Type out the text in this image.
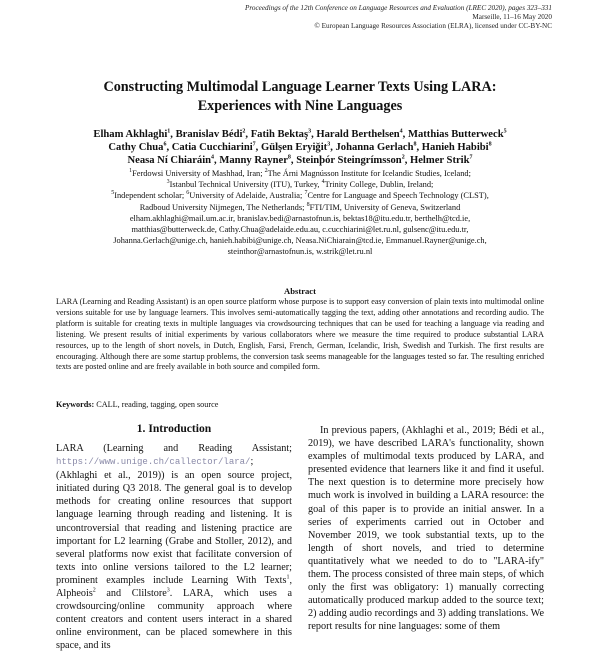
Proceedings of the 12th Conference on Language Resources and Evaluation (LREC 2020), pages 323–331
Marseille, 11–16 May 2020
© European Language Resources Association (ELRA), licensed under CC-BY-NC
Constructing Multimodal Language Learner Texts Using LARA:
Experiences with Nine Languages
Elham Akhlaghi$^1$, Branislav Bédi$^2$, Fatih Bektaş$^3$, Harald Berthelsen$^4$, Matthias Butterweck$^5$
Cathy Chua$^6$, Catia Cucchiarini$^7$, Gülşen Eryiğit$^3$, Johanna Gerlach$^8$, Hanieh Habibi$^8$
Neasa Ní Chiaráin$^4$, Manny Rayner$^8$, Steinþór Steingrímsson$^2$, Helmer Strik$^7$
$^1$Ferdowsi University of Mashhad, Iran; $^2$The Árni Magnússon Institute for Icelandic Studies, Iceland;
$^3$Istanbul Technical University (ITU), Turkey, $^4$Trinity College, Dublin, Ireland;
$^5$Independent scholar; $^6$University of Adelaide, Australia; $^7$Centre for Language and Speech Technology (CLST),
Radboud University Nijmegen, The Netherlands; $^8$FTI/TIM, University of Geneva, Switzerland
elham.akhlaghi@mail.um.ac.ir, branislav.bedi@arnastofnun.is, bektas18@itu.edu.tr, berthelh@tcd.ie,
matthias@butterweck.de, Cathy.Chua@adelaide.edu.au, c.cucchiarini@let.ru.nl, gulsenc@itu.edu.tr,
Johanna.Gerlach@unige.ch, hanieh.habibi@unige.ch, Neasa.NiChiarain@tcd.ie, Emmanuel.Rayner@unige.ch,
steinthor@arnastofnun.is, w.strik@let.ru.nl
Abstract
LARA (Learning and Reading Assistant) is an open source platform whose purpose is to support easy conversion of plain texts into multimodal online versions suitable for use by language learners. This involves semi-automatically tagging the text, adding other annotations and recording audio. The platform is suitable for creating texts in multiple languages via crowdsourcing techniques that can be used for teaching a language via reading and listening. We present results of initial experiments by various collaborators where we measure the time required to produce substantial LARA resources, up to the length of short novels, in Dutch, English, Farsi, French, German, Icelandic, Irish, Swedish and Turkish. The first results are encouraging. Although there are some startup problems, the conversion task seems manageable for the languages tested so far. The resulting enriched texts are posted online and are freely available in both source and compiled form.
Keywords: CALL, reading, tagging, open source
1. Introduction

LARA (Learning and Reading Assistant; https://www.unige.ch/callector/lara/; (Akhlaghi et al., 2019)) is an open source project, initiated during Q3 2018. The general goal is to develop methods for creating online resources that support language learning through reading and listening. It is uncontroversial that reading and listening practice are important for L2 learning (Grabe and Stoller, 2012), and several platforms now exist that facilitate conversion of texts into online versions tailored to the L2 learner; prominent examples include Learning With Texts$^1$, Alpheois$^2$ and Clilstore$^3$. LARA, which uses a crowdsourcing/online community approach where content creators and content users interact in a shared online environment, can be placed somewhere in this space, and its

In previous papers, (Akhlaghi et al., 2019; Bédi et al., 2019), we have described LARA's functionality, shown examples of multimodal texts produced by LARA, and presented evidence that learners like it and find it useful. The next question is to determine more precisely how much work is involved in building a LARA resource: the goal of this paper is to provide an initial answer. In a series of experiments carried out in October and November 2019, we took substantial texts, up to the length of short novels, and tried to determine quantitatively what we needed to do to "LARA-ify" them. The process consisted of three main steps, of which only the first was obligatory: 1) manually correcting automatically produced markup added to the source text; 2) adding audio recordings and 3) adding translations. We report results for nine languages: some of them
